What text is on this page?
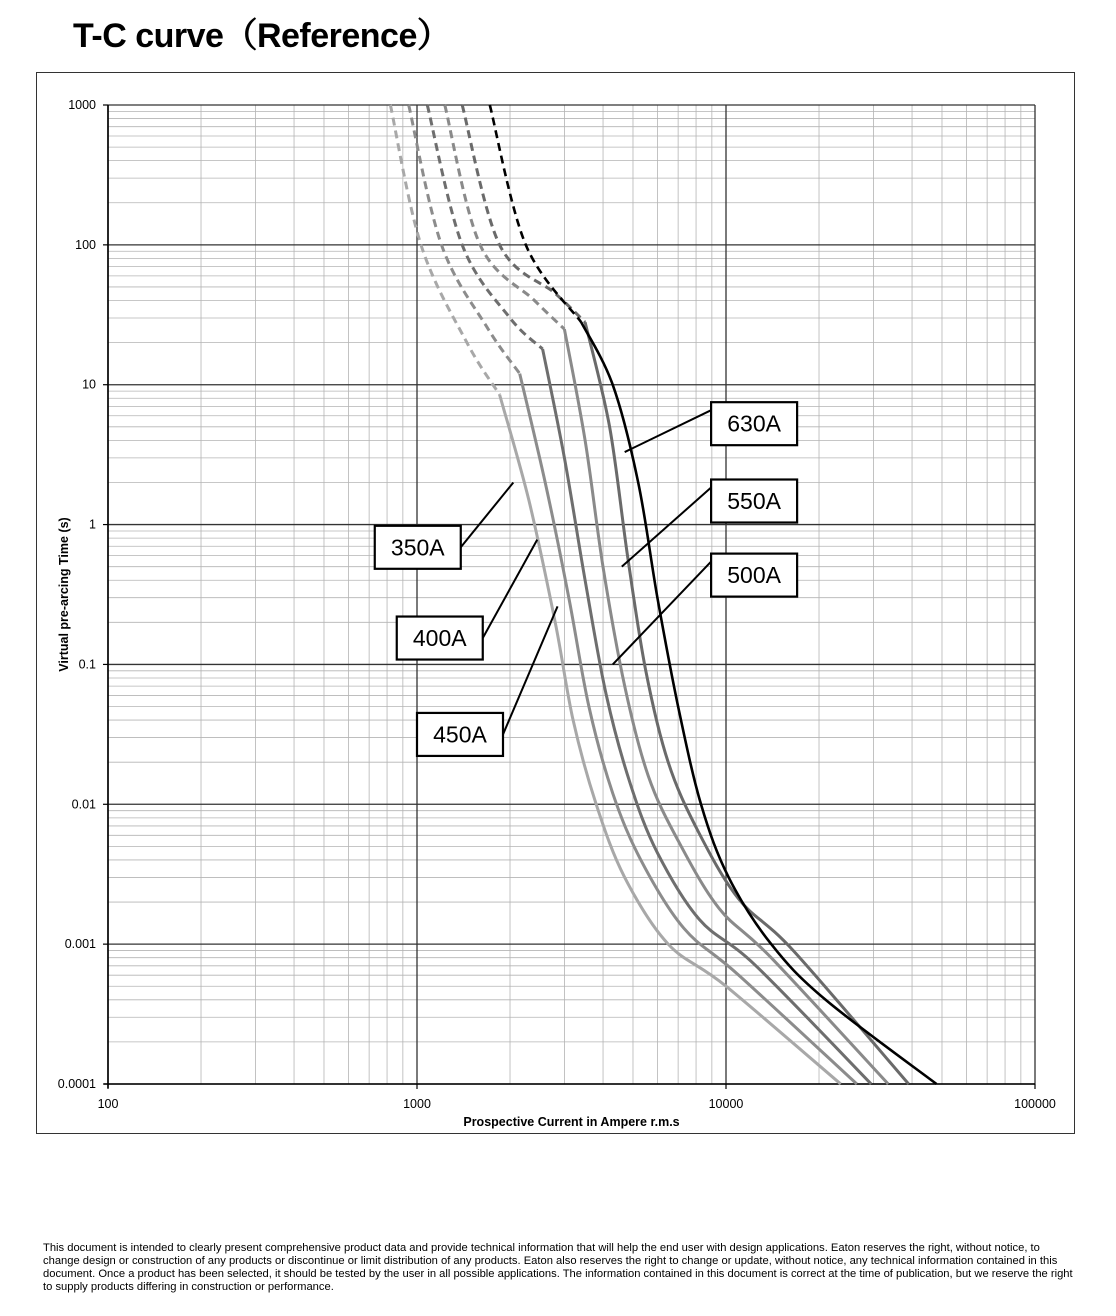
T-C curve（Reference）
100	1000	10000	100000
1000
100
10
1
0.1
0.01
0.001
0.0001
Prospective Current in Ampere r.m.s
Virtual pre-arcing Time (s)
630A
550A
500A
350A
400A
450A
This document is intended to clearly present comprehensive product data and provide technical information that will help the end user with design applications. Eaton reserves the right, without notice, to change design or construction of any products or discontinue or limit distribution of any products. Eaton also reserves the right to change or update, without notice, any technical information contained in this document. Once a product has been selected, it should be tested by the user in all possible applications. The information contained in this document is correct at the time of publication, but we reserve the right to supply products differing in construction or performance.
